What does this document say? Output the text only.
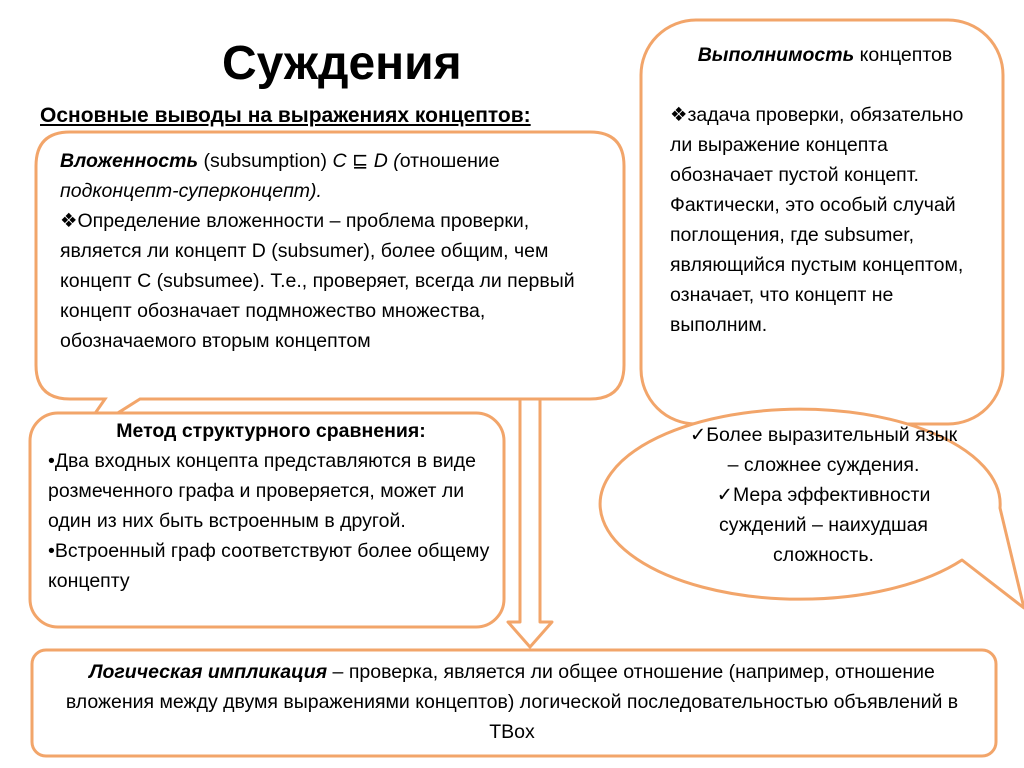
Суждения
Основные выводы на выражениях концептов:

Вложенность (subsumption) C ⊑ D (отношение подконцепт-суперконцепт).

❖Определение вложенности – проблема проверки, является ли концепт D (subsumer), более общим, чем концепт C (subsumee). Т.е., проверяет, всегда ли первый концепт обозначает подмножество множества, обозначаемого вторым концептом

Метод структурного сравнения:

•Два входных концепта представляются в виде розмеченного графа и проверяется, может ли один из них быть встроенным в другой.

•Встроенный граф соответствуют более общему концепту

Выполнимость концептов

❖задача проверки, обязательно ли выражение концепта обозначает пустой концепт. Фактически, это особый случай поглощения, где subsumer, являющийся пустым концептом, означает, что концепт не выполним.

✓Более выразительный язык – сложнее суждения.

✓Мера эффективности суждений – наихудшая сложность.

Логическая импликация – проверка, является ли общее отношение (например, отношение вложения между двумя выражениями концептов) логической последовательностью объявлений в TBox
